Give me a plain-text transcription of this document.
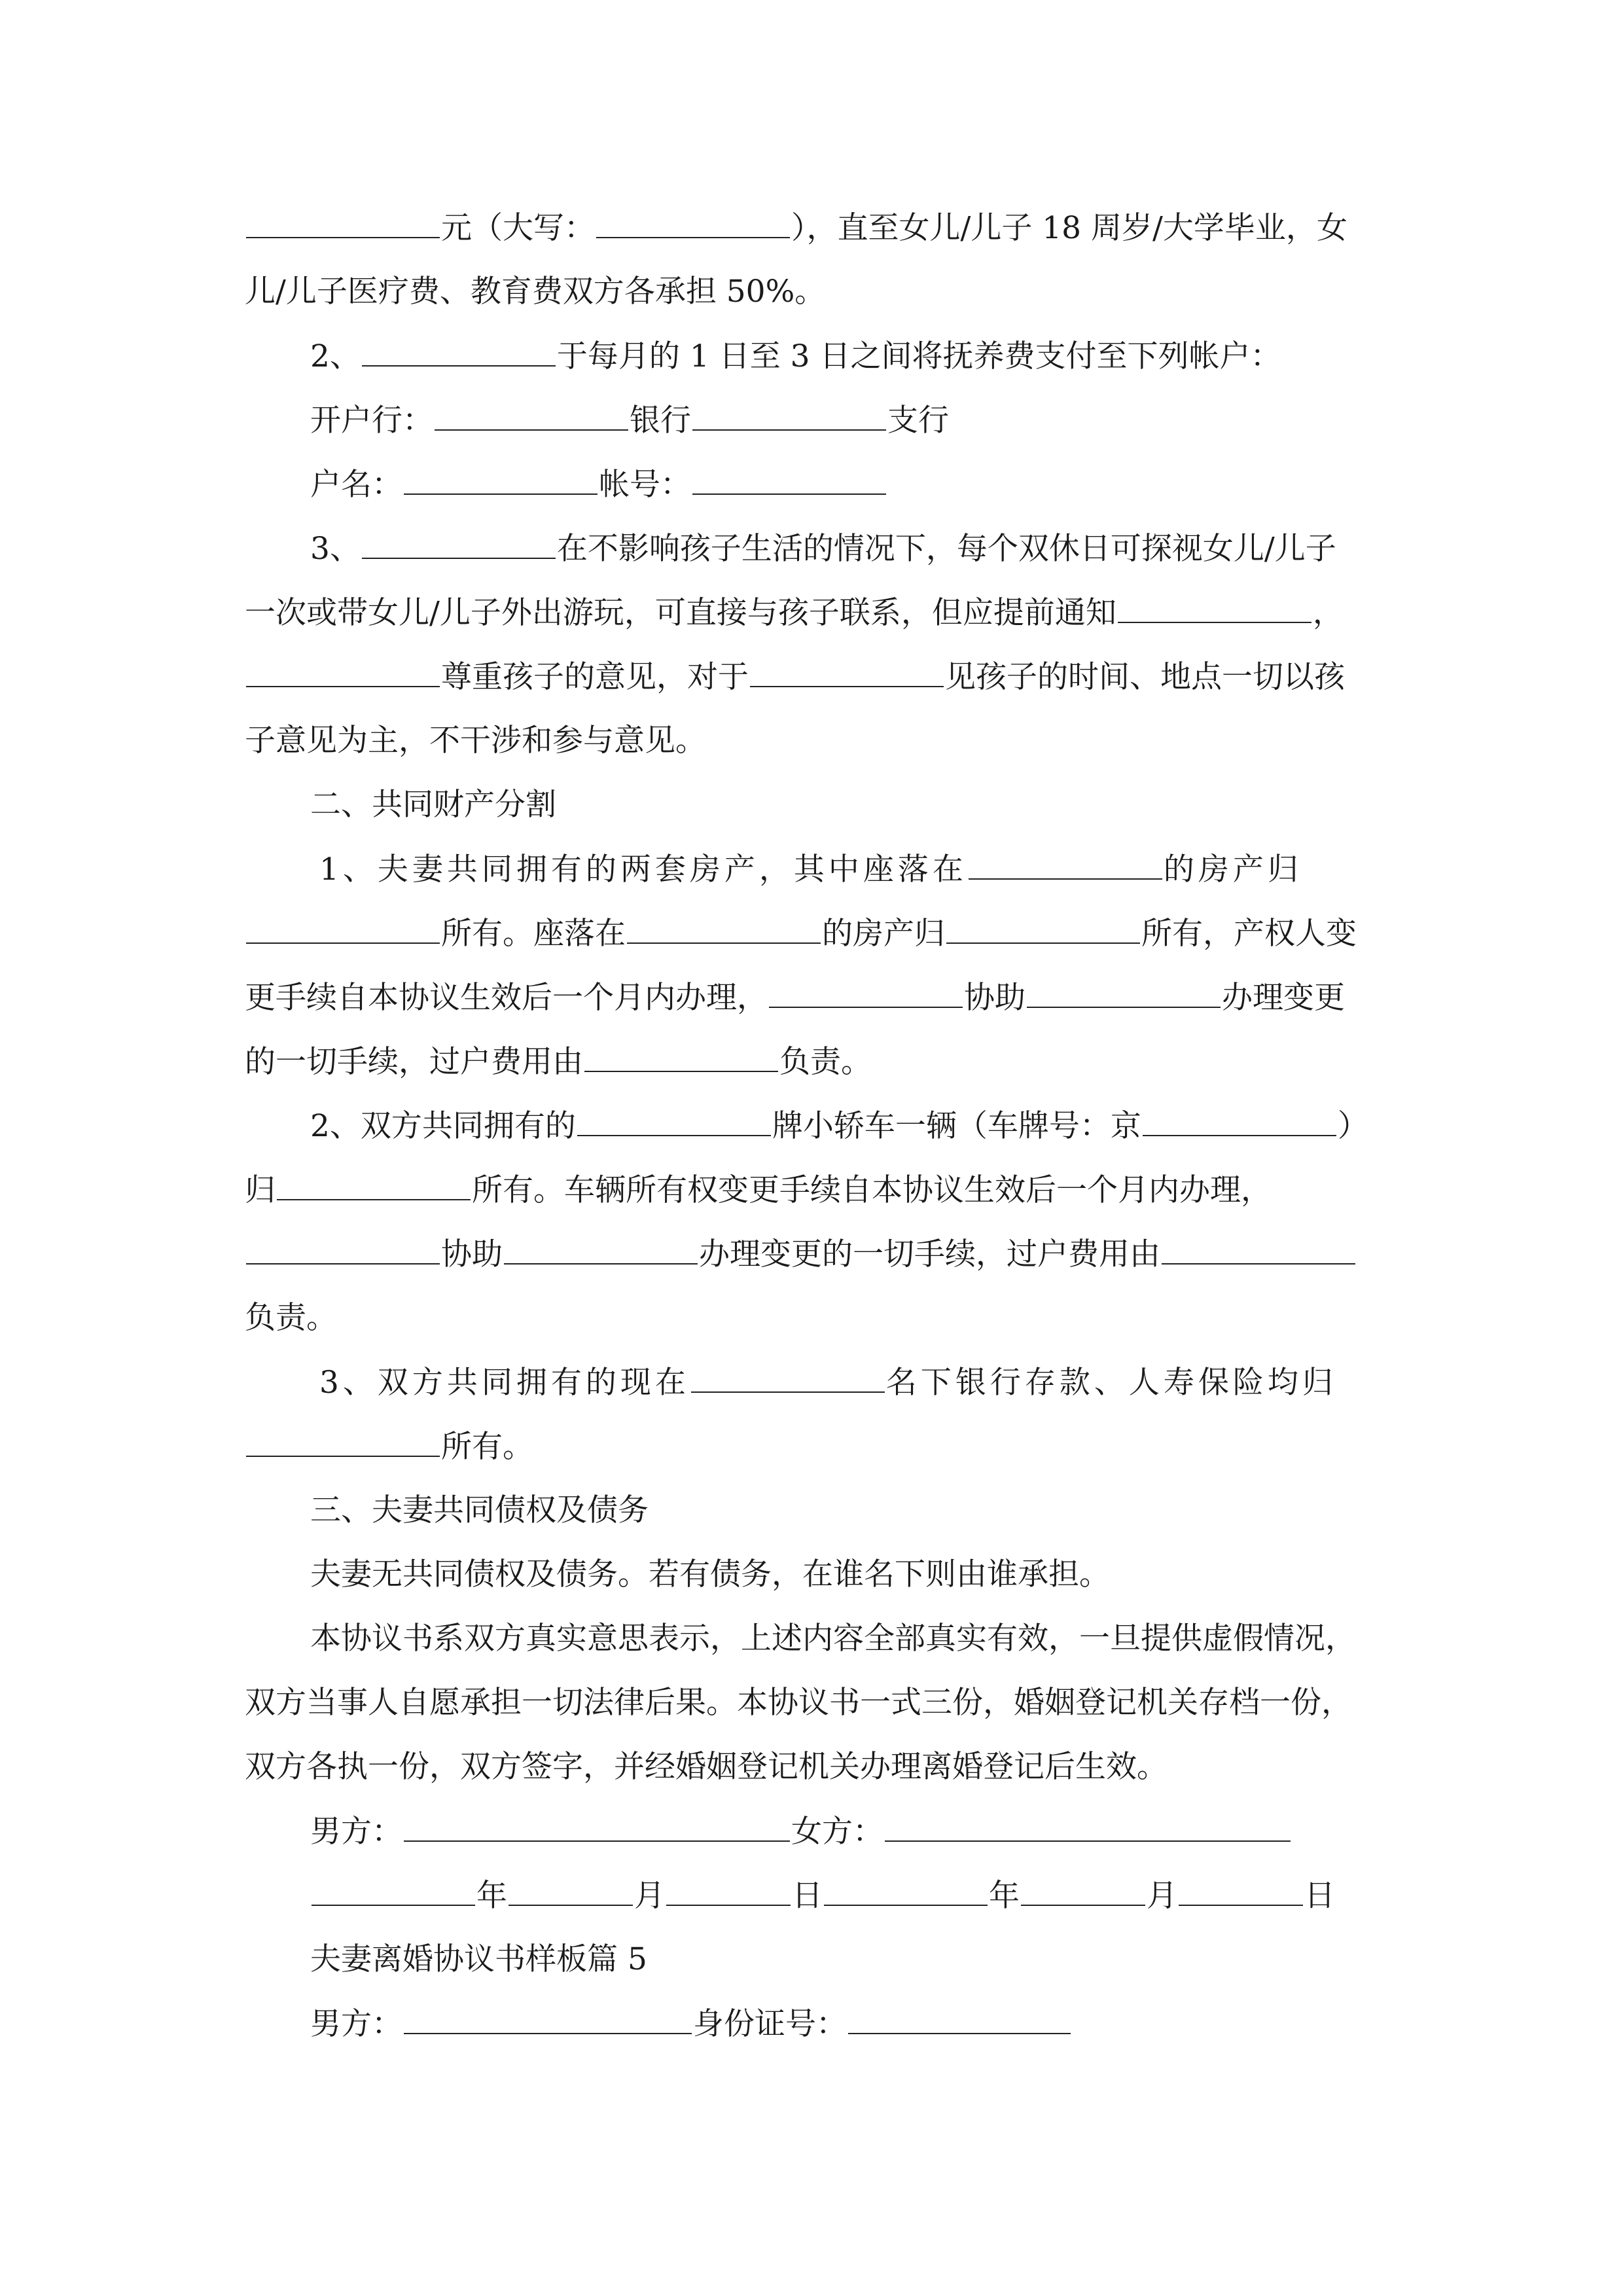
元（大写：	），直至女儿/儿子 18 周岁/大学毕业，女
儿/儿子医疗费、教育费双方各承担 50%。
2、	于每月的 1 日至 3 日之间将抚养费支付至下列帐户：
开户行：	银行	支行
户名：	帐号：
3、	在不影响孩子生活的情况下，每个双休日可探视女儿/儿子
一次或带女儿/儿子外出游玩，可直接与孩子联系，但应提前通知	，
尊重孩子的意见，对于	见孩子的时间、地点一切以孩
子意见为主，不干涉和参与意见。
二、共同财产分割
1、夫妻共同拥有的两套房产，其中座落在	的房产归
所有。座落在	的房产归	所有，产权人变
更手续自本协议生效后一个月内办理，	协助	办理变更
的一切手续，过户费用由	负责。
2、双方共同拥有的	牌小轿车一辆（车牌号：京	）
归	所有。车辆所有权变更手续自本协议生效后一个月内办理，
协助	办理变更的一切手续，过户费用由
负责。
3、双方共同拥有的现在	名下银行存款、人寿保险均归
所有。
三、夫妻共同债权及债务
夫妻无共同债权及债务。若有债务，在谁名下则由谁承担。
本协议书系双方真实意思表示，上述内容全部真实有效，一旦提供虚假情况，
双方当事人自愿承担一切法律后果。本协议书一式三份，婚姻登记机关存档一份，
双方各执一份，双方签字，并经婚姻登记机关办理离婚登记后生效。
男方：	女方：
年	月	日	年	月	日
夫妻离婚协议书样板篇 5
男方：	身份证号：
